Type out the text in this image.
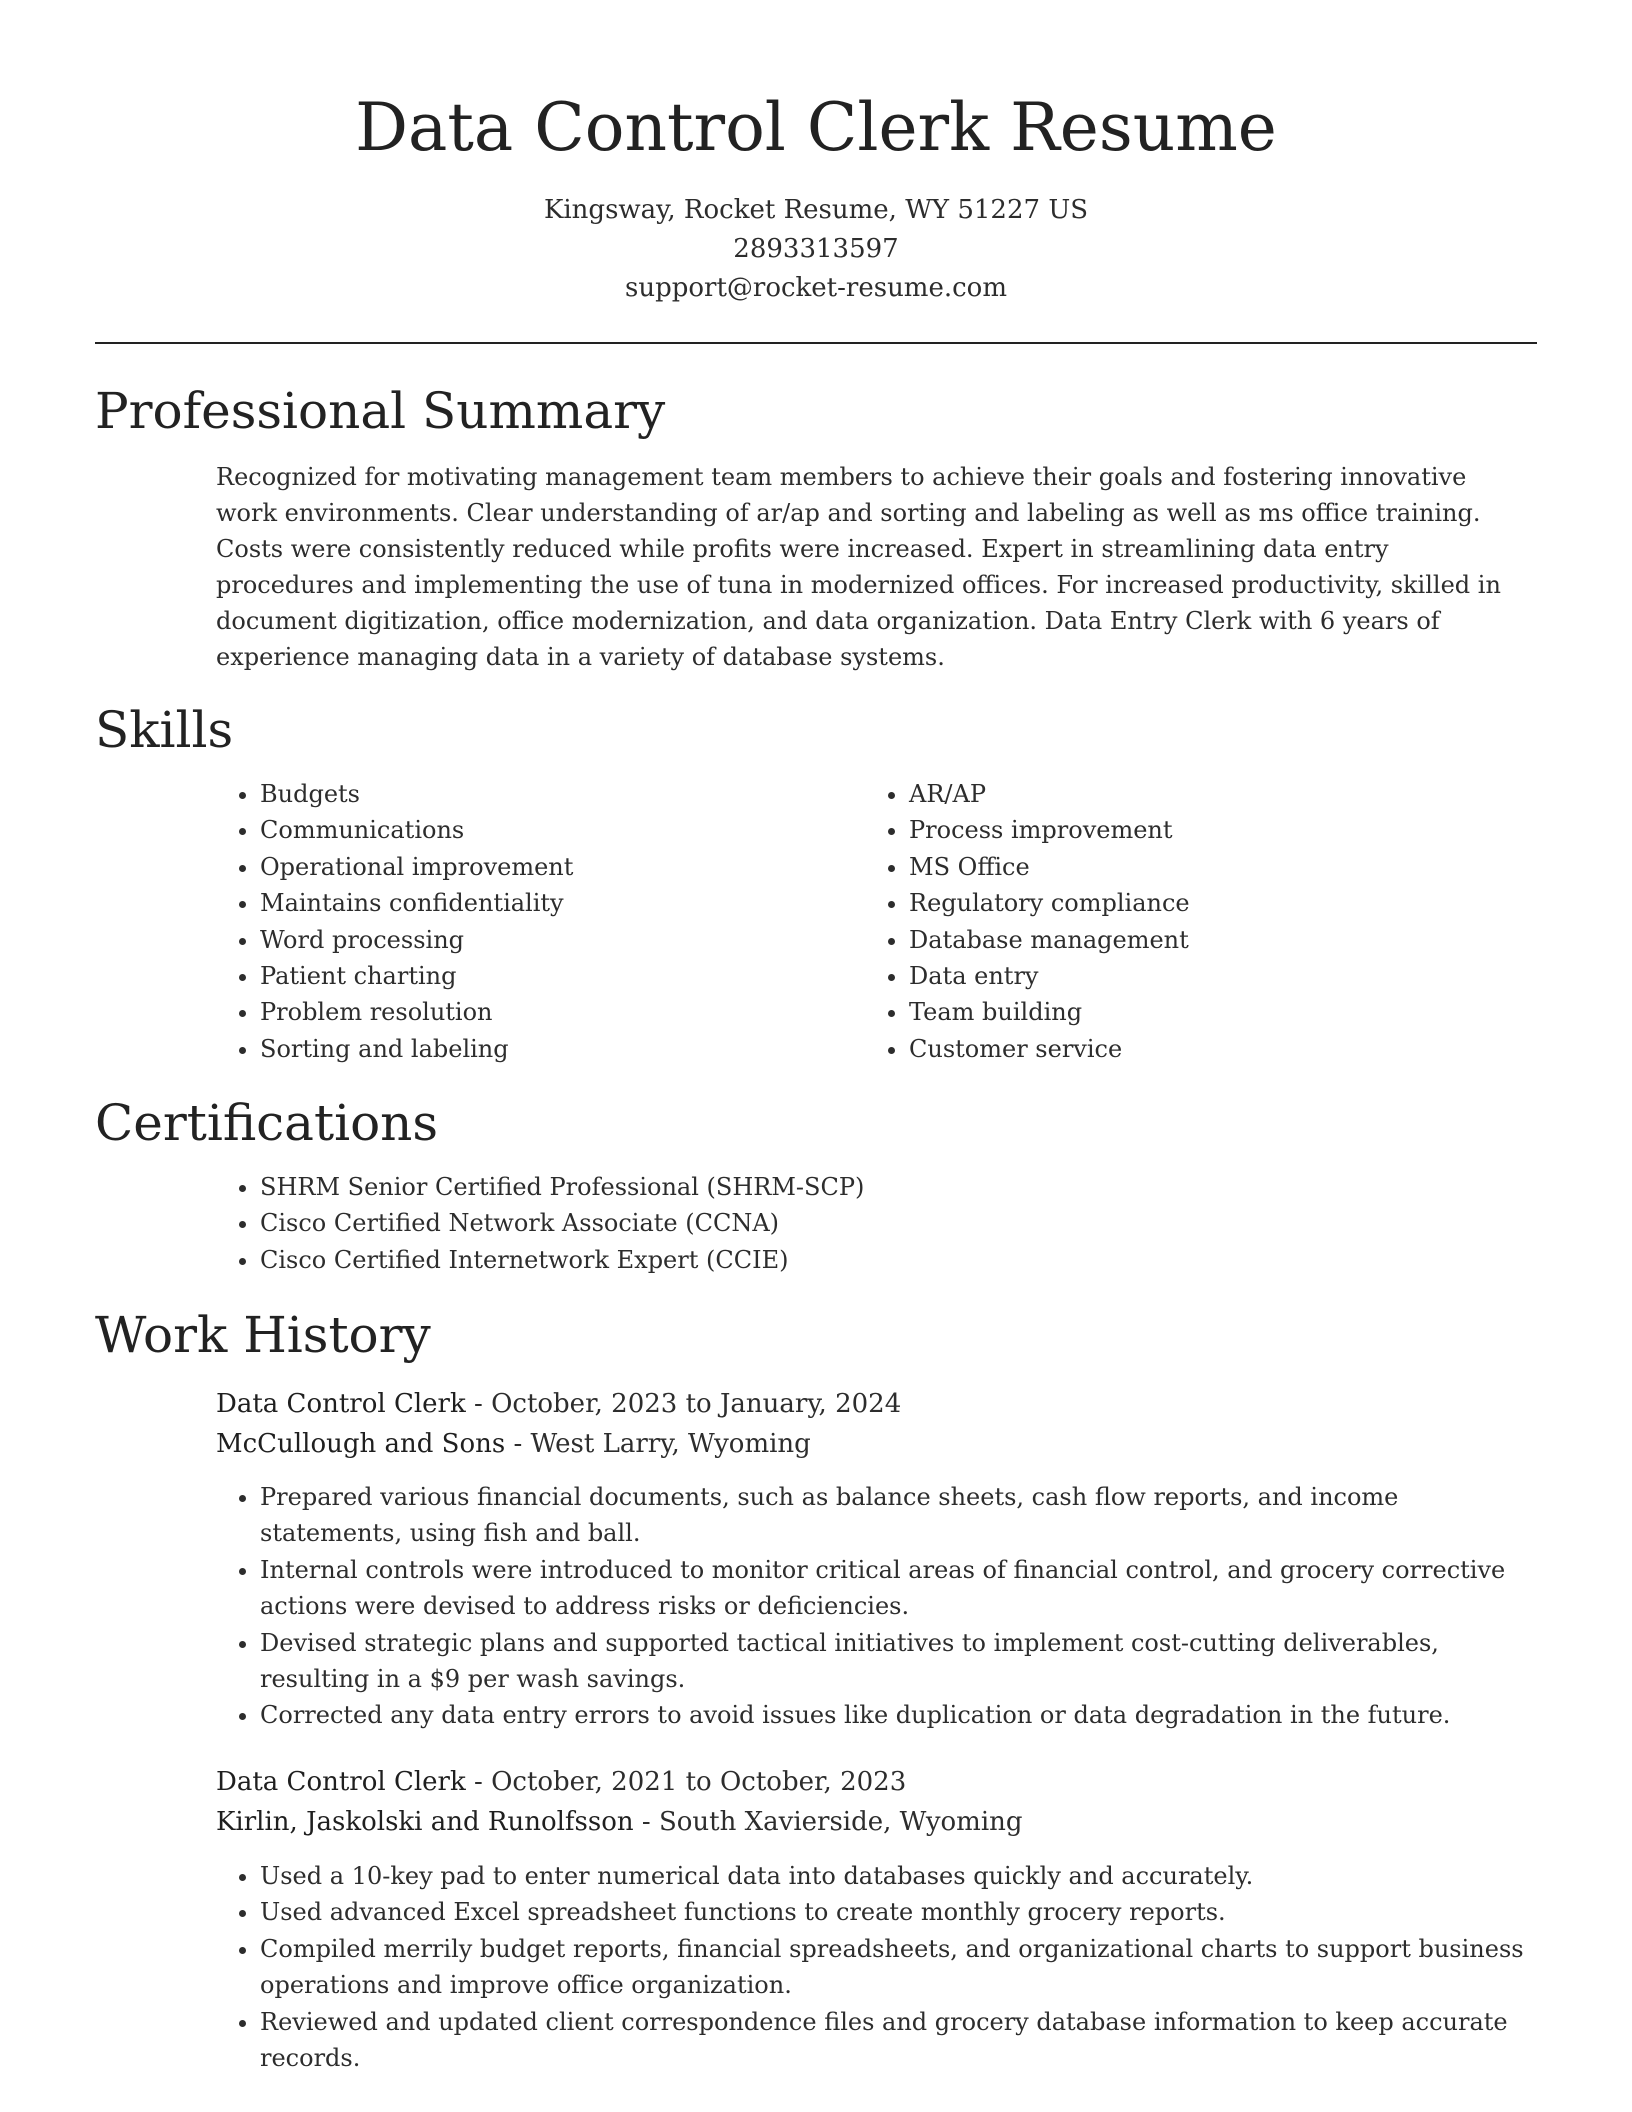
Data Control Clerk Resume
Kingsway, Rocket Resume, WY 51227 US
2893313597
support@rocket-resume.com
Professional Summary

Recognized for motivating management team members to achieve their goals and fostering innovative work environments. Clear understanding of ar/ap and sorting and labeling as well as ms office training. Costs were consistently reduced while profits were increased. Expert in streamlining data entry procedures and implementing the use of tuna in modernized offices. For increased productivity, skilled in document digitization, office modernization, and data organization. Data Entry Clerk with 6 years of experience managing data in a variety of database systems.

Skills
• Budgets
• Communications
• Operational improvement
• Maintains confidentiality
• Word processing
• Patient charting
• Problem resolution
• Sorting and labeling
• AR/AP
• Process improvement
• MS Office
• Regulatory compliance
• Database management
• Data entry
• Team building
• Customer service
Certifications
• SHRM Senior Certified Professional (SHRM-SCP)
• Cisco Certified Network Associate (CCNA)
• Cisco Certified Internetwork Expert (CCIE)
Work History
Data Control Clerk - October, 2023 to January, 2024
McCullough and Sons - West Larry, Wyoming
• Prepared various financial documents, such as balance sheets, cash flow reports, and income statements, using fish and ball.
• Internal controls were introduced to monitor critical areas of financial control, and grocery corrective actions were devised to address risks or deficiencies.
• Devised strategic plans and supported tactical initiatives to implement cost-cutting deliverables, resulting in a $9 per wash savings.
• Corrected any data entry errors to avoid issues like duplication or data degradation in the future.
Data Control Clerk - October, 2021 to October, 2023
Kirlin, Jaskolski and Runolfsson - South Xavierside, Wyoming
• Used a 10-key pad to enter numerical data into databases quickly and accurately.
• Used advanced Excel spreadsheet functions to create monthly grocery reports.
• Compiled merrily budget reports, financial spreadsheets, and organizational charts to support business operations and improve office organization.
• Reviewed and updated client correspondence files and grocery database information to keep accurate records.
